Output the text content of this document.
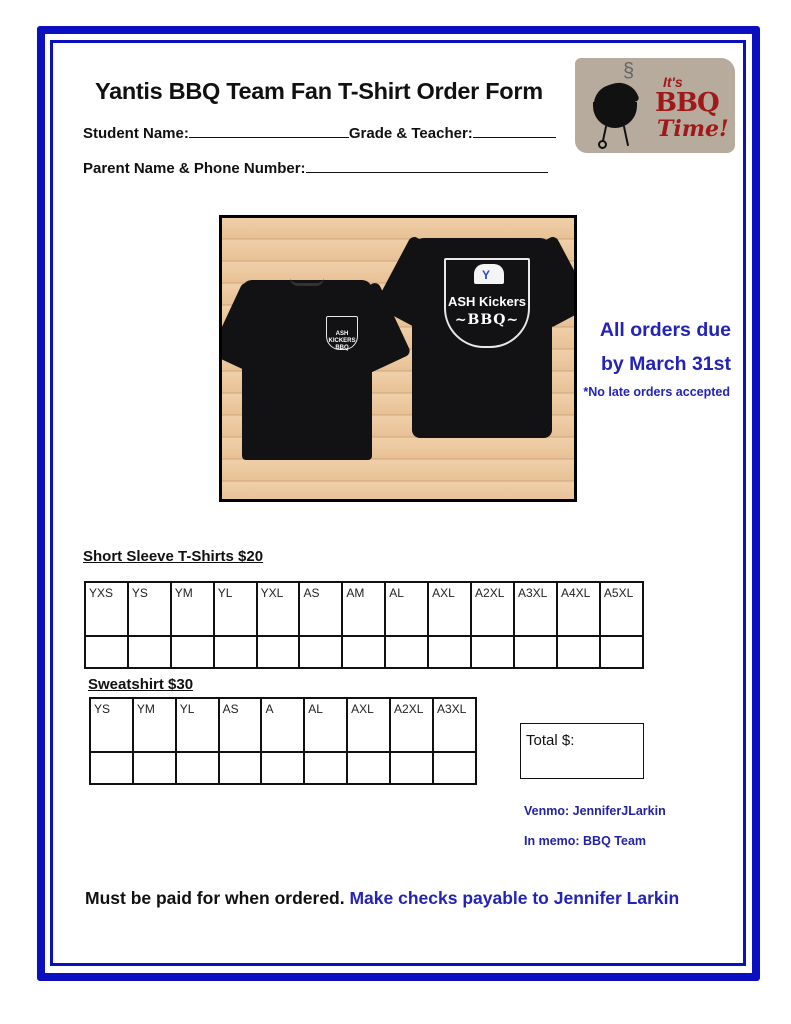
Yantis BBQ Team Fan T-Shirt Order Form
Student Name:	Grade & Teacher:
Parent Name & Phone Number:
§ It's
BBQ
Time!
ASH KICKERS BBQ
Y
ASH Kickers
~BBQ~	All orders due
by March 31st
*No late orders accepted
Short Sleeve T-Shirts $20
YXS	YS	YM	YL	YXL	AS	AM	AL	AXL	A2XL	A3XL	A4XL	A5XL

Sweatshirt $30
YS	YM	YL	AS	A	AL	AXL	A2XL	A3XL

Total $:
Venmo: JenniferJLarkin
In memo: BBQ Team
Must be paid for when ordered. Make checks payable to Jennifer Larkin
